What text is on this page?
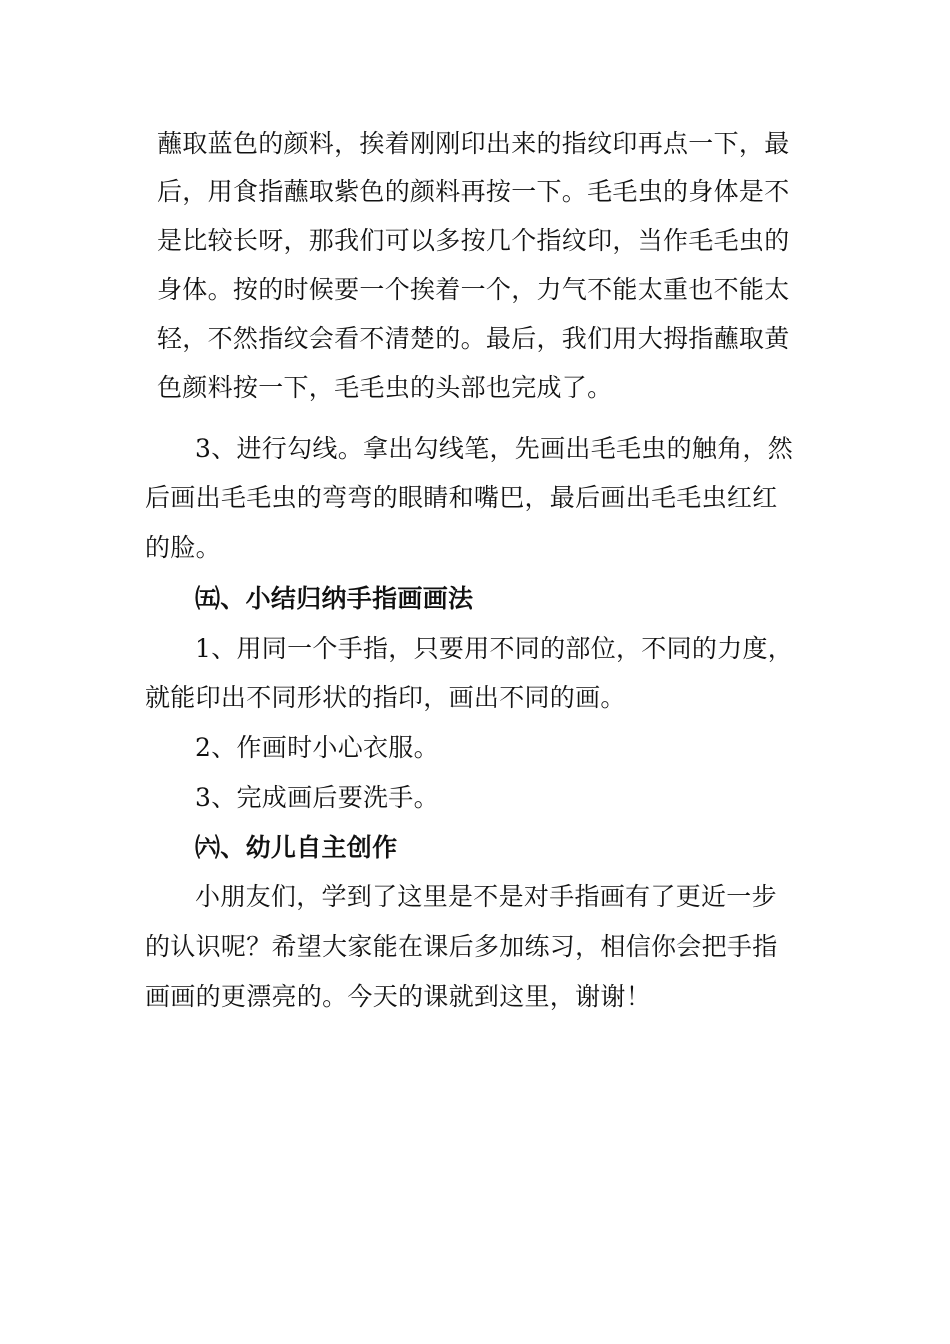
蘸取蓝色的颜料，挨着刚刚印出来的指纹印再点一下，最
后，用食指蘸取紫色的颜料再按一下。毛毛虫的身体是不
是比较长呀，那我们可以多按几个指纹印，当作毛毛虫的
身体。按的时候要一个挨着一个，力气不能太重也不能太
轻，不然指纹会看不清楚的。最后，我们用大拇指蘸取黄
色颜料按一下，毛毛虫的头部也完成了。
3、进行勾线。拿出勾线笔，先画出毛毛虫的触角，然
后画出毛毛虫的弯弯的眼睛和嘴巴，最后画出毛毛虫红红
的脸。
㈤、小结归纳手指画画法
1、用同一个手指，只要用不同的部位，不同的力度，
就能印出不同形状的指印，画出不同的画。
2、作画时小心衣服。
3、完成画后要洗手。
㈥、幼儿自主创作
小朋友们，学到了这里是不是对手指画有了更近一步
的认识呢？希望大家能在课后多加练习，相信你会把手指
画画的更漂亮的。今天的课就到这里，谢谢！
